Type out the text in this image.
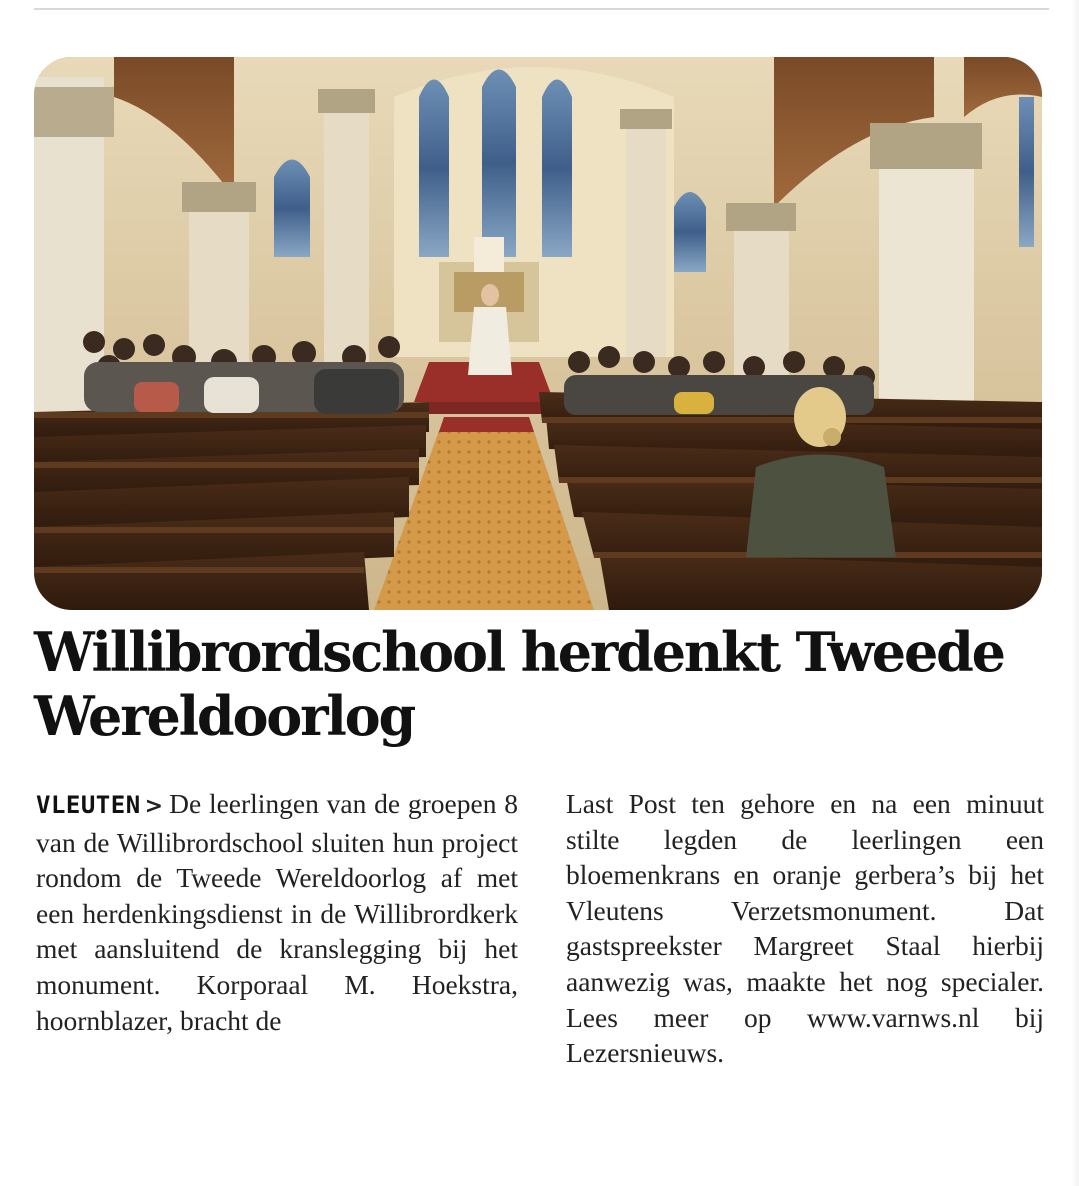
Willibrordschool herdenkt Tweede Wereldoorlog
VLEUTEN > De leerlingen van de groepen 8 van de Willibrordschool sluiten hun project rondom de Tweede Wereldoorlog af met een herdenkingsdienst in de Willibrordkerk met aansluitend de kranslegging bij het monument. Korporaal M. Hoekstra, hoornblazer, bracht de
Last Post ten gehore en na een minuut stilte legden de leerlingen een bloemenkrans en oranje gerbera’s bij het Vleutens Verzetsmonument. Dat gastspreekster Margreet Staal hierbij aanwezig was, maakte het nog specialer. Lees meer op www.varnws.nl bij Lezersnieuws.
